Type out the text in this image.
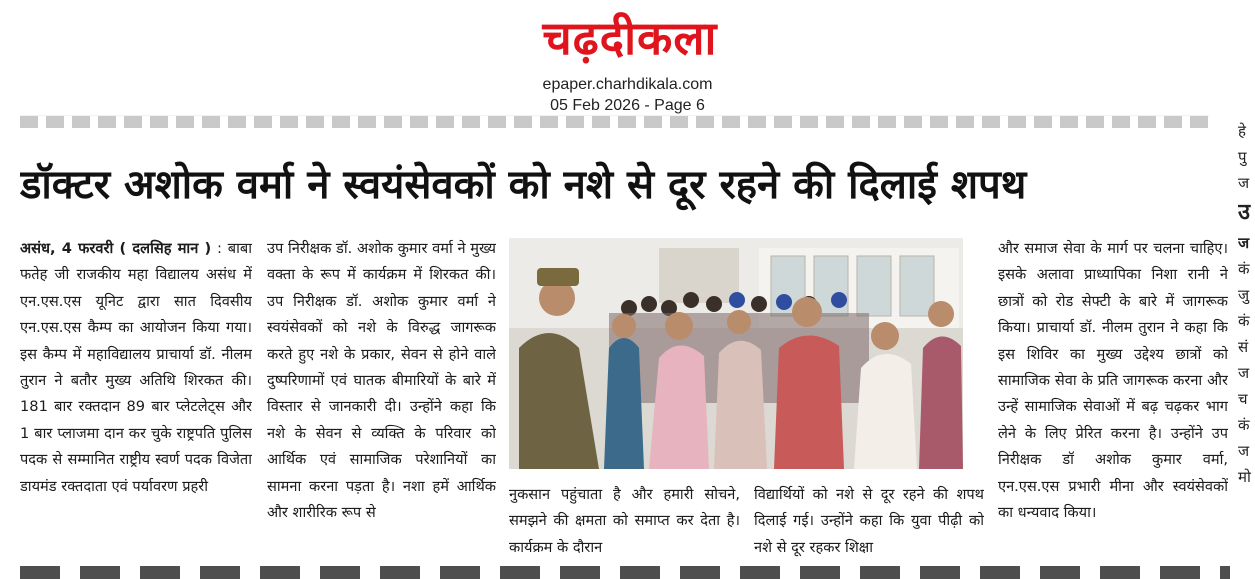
चढ़दीकला
epaper.charhdikala.com
05 Feb 2026 - Page 6
डॉक्टर अशोक वर्मा ने स्वयंसेवकों को नशे से दूर रहने की दिलाई शपथ
असंध, 4 फरवरी ( दलसिह मान ) : बाबा फतेह जी राजकीय महा विद्यालय असंध में एन.एस.एस यूनिट द्वारा सात दिवसीय एन.एस.एस कैम्प का आयोजन किया गया। इस कैम्प में महाविद्यालय प्राचार्या डॉ. नीलम तुरान ने बतौर मुख्य अतिथि शिरकत की। 181 बार रक्तदान 89 बार प्लेटलेट्स और 1 बार प्लाजमा दान कर चुके राष्ट्रपति पुलिस पदक से सम्मानित राष्ट्रीय स्वर्ण पदक विजेता डायमंड रक्तदाता एवं पर्यावरण प्रहरी
उप निरीक्षक डॉ. अशोक कुमार वर्मा ने मुख्य वक्ता के रूप में कार्यक्रम में शिरकत की। उप निरीक्षक डॉ. अशोक कुमार वर्मा ने स्वयंसेवकों को नशे के विरुद्ध जागरूक करते हुए नशे के प्रकार, सेवन से होने वाले दुष्परिणामों एवं घातक बीमारियों के बारे में विस्तार से जानकारी दी। उन्होंने कहा कि नशे के सेवन से व्यक्ति के परिवार को आर्थिक एवं सामाजिक परेशानियों का सामना करना पड़ता है। नशा हमें आर्थिक और शारीरिक रूप से
नुकसान पहुंचाता है और हमारी सोचने, समझने की क्षमता को समाप्त कर देता है। कार्यक्रम के दौरान
विद्यार्थियों को नशे से दूर रहने की शपथ दिलाई गई। उन्होंने कहा कि युवा पीढ़ी को नशे से दूर रहकर शिक्षा
और समाज सेवा के मार्ग पर चलना चाहिए। इसके अलावा प्राध्यापिका निशा रानी ने छात्रों को रोड सेफ्टी के बारे में जागरूक किया। प्राचार्या डॉ. नीलम तुरान ने कहा कि इस शिविर का मुख्य उद्देश्य छात्रों को सामाजिक सेवा के प्रति जागरूक करना और उन्हें सामाजिक सेवाओं में बढ़ चढ़कर भाग लेने के लिए प्रेरित करना है। उन्होंने उप निरीक्षक डॉ अशोक कुमार वर्मा, एन.एस.एस प्रभारी मीना और स्वयंसेवकों का धन्यवाद किया।
हे
पु
ज
उ
ज
कं
जु
कं
सं
ज
च
कं
ज
मो
